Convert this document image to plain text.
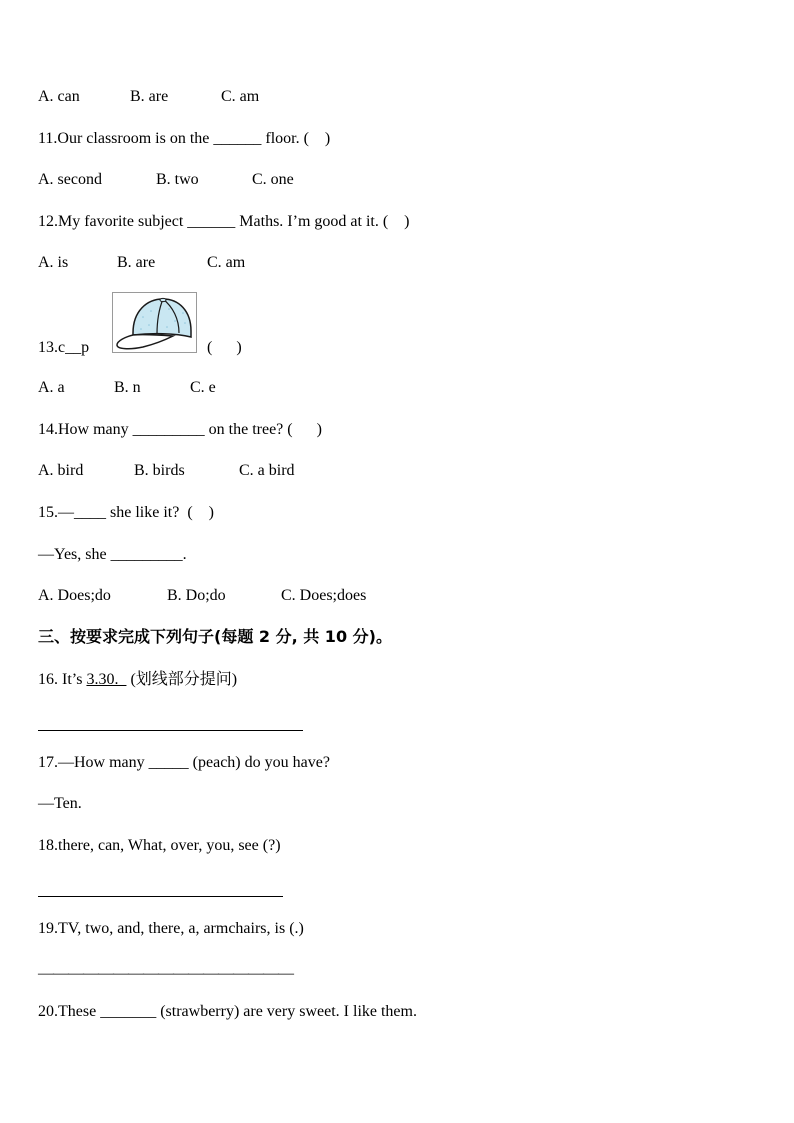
A. can	B. are	C. am
11.Our classroom is on the ______ floor. (    )
A. second	B. two	C. one
12.My favorite subject ______ Maths. I’m good at it. (    )
A. is	B. are	C. am
13.c__p	(      )
A. a	B. n	C. e
14.How many _________ on the tree? (      )
A. bird	B. birds	C. a bird
15.—____ she like it?  (    )
—Yes, she _________.
A. Does;do	B. Do;do	C. Does;does
三、按要求完成下列句子(每题 2 分, 共 10 分)。
16. It’s 3.30.   (划线部分提问)
17.—How many _____ (peach) do you have?
—Ten.
18.there, can, What, over, you, see (?)
19.TV, two, and, there, a, armchairs, is (.)
—————————————————
20.These _______ (strawberry) are very sweet. I like them.
